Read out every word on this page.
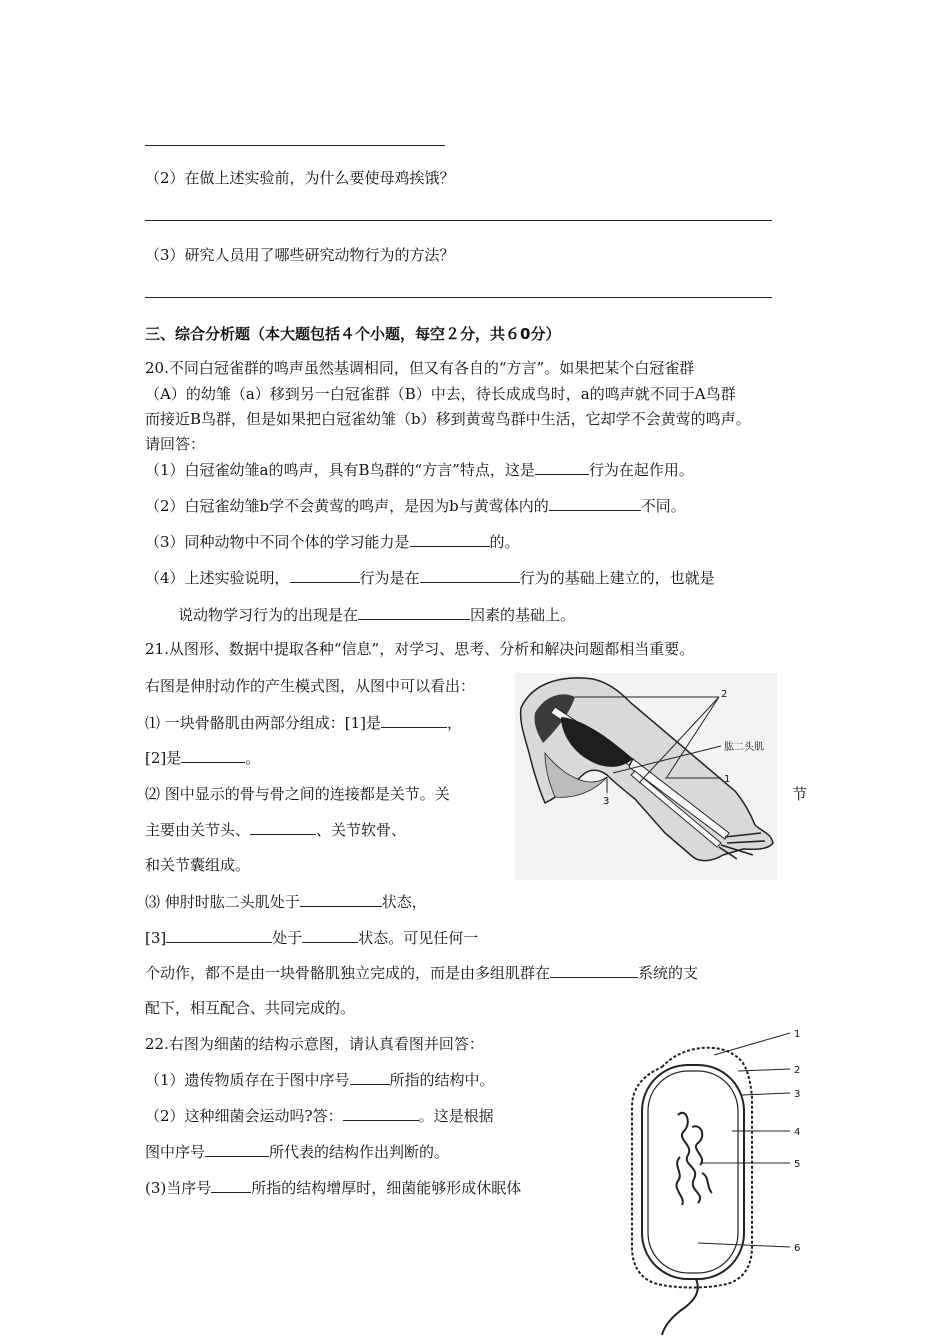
（2）在做上述实验前，为什么要使母鸡挨饿？
（3）研究人员用了哪些研究动物行为的方法？
三、综合分析题（本大题包括４个小题，每空２分，共６0分）
20.不同白冠雀群的鸣声虽然基调相同，但又有各自的“方言”。如果把某个白冠雀群
（A）的幼雏（a）移到另一白冠雀群（B）中去，待长成成鸟时，a的鸣声就不同于A鸟群
而接近B鸟群，但是如果把白冠雀幼雏（b）移到黄莺鸟群中生活，它却学不会黄莺的鸣声。
请回答：
（1）白冠雀幼雏a的鸣声，具有B鸟群的“方言”特点，这是	行为在起作用。
（2）白冠雀幼雏b学不会黄莺的鸣声，是因为b与黄莺体内的	不同。
（3）同种动物中不同个体的学习能力是	的。
（4）上述实验说明，	行为是在	行为的基础上建立的，也就是
说动物学习行为的出现是在	因素的基础上。
21.从图形、数据中提取各种“信息”，对学习、思考、分析和解决问题都相当重要。
右图是伸肘动作的产生模式图，从图中可以看出：
⑴ 一块骨骼肌由两部分组成：[1]是	，
[2]是	。
⑵ 图中显示的骨与骨之间的连接都是关节。关	节
主要由关节头、	、关节软骨、
和关节囊组成。
⑶ 伸肘时肱二头肌处于	状态，
[3]	处于	状态。可见任何一
个动作，都不是由一块骨骼肌独立完成的，而是由多组肌群在	系统的支
配下，相互配合、共同完成的。
2
肱二头肌
1
3
22.右图为细菌的结构示意图，请认真看图并回答：
（1）遗传物质存在于图中序号	所指的结构中。
（2）这种细菌会运动吗?答：	。这是根据
图中序号	所代表的结构作出判断的。
(3)当序号	所指的结构增厚时，细菌能够形成休眠体
1
2
3
4
5
6
